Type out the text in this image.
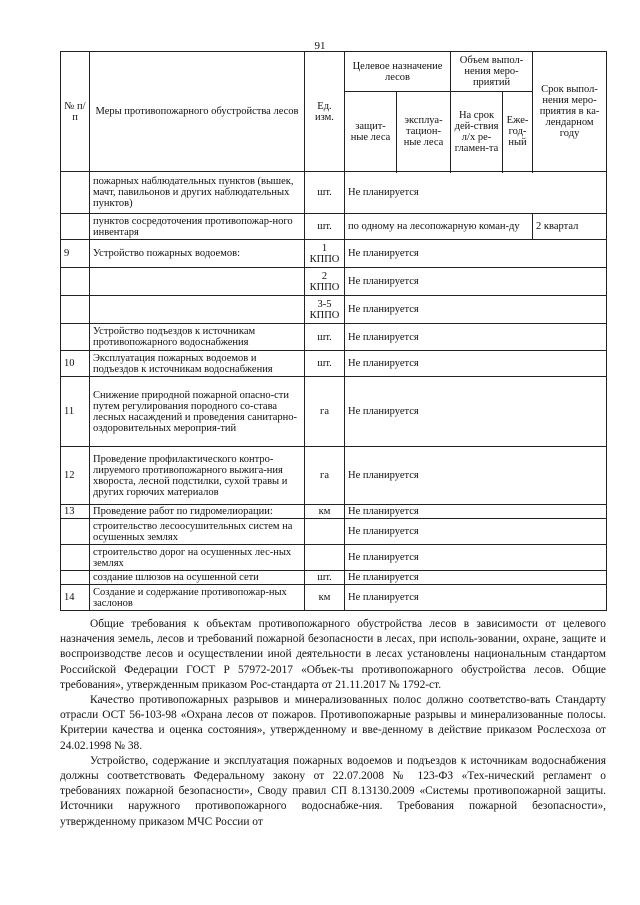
91
№ п/п	Меры противопожарного обустройства лесов	Ед. изм.	Целевое назначение лесов		Объем выпол-нения меро-приятий		Срок выпол-нения меро-приятия в ка-лендарном году
			защит-ные леса	эксплуа-тацион-ные леса	На срок дей-ствия л/х ре-гламен-та	Еже-год-ный	

	пожарных наблюдательных пунктов (вышек, мачт, павильонов и других наблюдательных пунктов)	шт.	Не планируется				
	пунктов сосредоточения противопожар-ного инвентаря	шт.	по одному на лесопожарную коман-ду				2 квартал
9	Устройство пожарных водоемов:	1 КППО	Не планируется				
		2 КППО	Не планируется				
		3-5 КППО	Не планируется				
	Устройство подъездов к источникам противопожарного водоснабжения	шт.	Не планируется				
10	Эксплуатация пожарных водоемов и подъездов к источникам водоснабжения	шт.	Не планируется				
11	Снижение природной пожарной опасно-сти путем регулирования породного со-става лесных насаждений и проведения санитарно-оздоровительных мероприя-тий	га	Не планируется				
12	Проведение профилактического контро-лируемого противопожарного выжига-ния хвороста, лесной подстилки, сухой травы и других горючих материалов	га	Не планируется				
13	Проведение работ по гидромелиорации:	км	Не планируется				
	строительство лесоосушительных систем на осушенных землях		Не планируется				
	строительство дорог на осушенных лес-ных землях		Не планируется				
	создание шлюзов на осушенной сети	шт.	Не планируется				
14	Создание и содержание противопожар-ных заслонов	км	Не планируется				

Общие требования к объектам противопожарного обустройства лесов в зависимости от целевого назначения земель, лесов и требований пожарной безопасности в лесах, при исполь-зовании, охране, защите и воспроизводстве лесов и осуществлении иной деятельности в лесах установлены национальным стандартом Российской Федерации ГОСТ Р 57972-2017 «Объек-ты противопожарного обустройства лесов. Общие требования», утвержденным приказом Рос-стандарта от 21.11.2017 № 1792-ст.

Качество противопожарных разрывов и минерализованных полос должно соответство-вать Стандарту отрасли ОСТ 56-103-98 «Охрана лесов от пожаров. Противопожарные разрывы и минерализованные полосы. Критерии качества и оценка состояния», утвержденному и вве-денному в действие приказом Рослесхоза от 24.02.1998 № 38.

Устройство, содержание и эксплуатация пожарных водоемов и подъездов к источникам водоснабжения должны соответствовать Федеральному закону от 22.07.2008 № 123-ФЗ «Тех-нический регламент о требованиях пожарной безопасности», Своду правил СП 8.13130.2009 «Системы противопожарной защиты. Источники наружного противопожарного водоснабже-ния. Требования пожарной безопасности», утвержденному приказом МЧС России от
